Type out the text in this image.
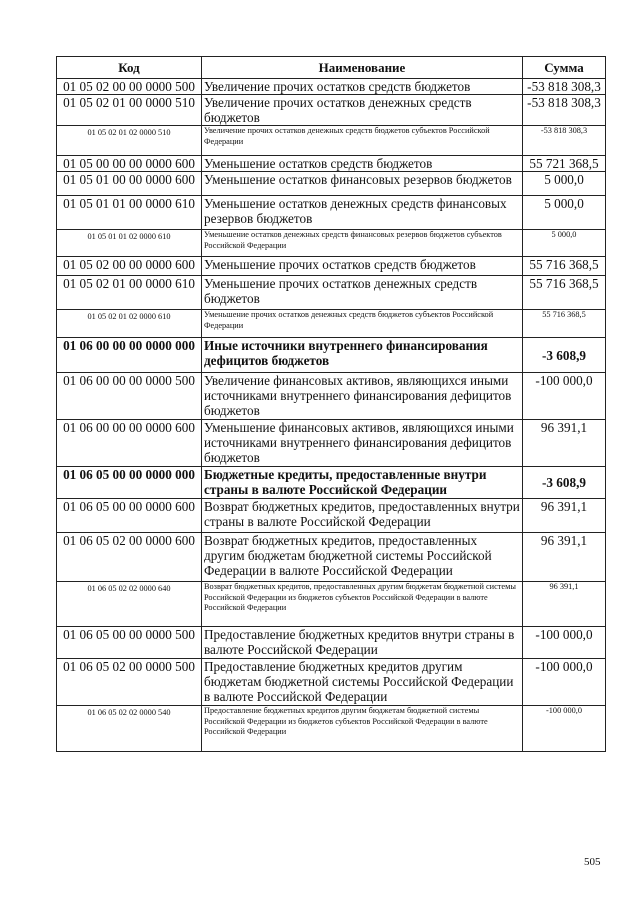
Код	Наименование	Сумма
01 05 02 00 00 0000 500	Увеличение прочих остатков средств бюджетов	-53 818 308,3
01 05 02 01 00 0000 510	Увеличение прочих остатков денежных средств бюджетов	-53 818 308,3
01 05 02 01 02 0000 510	Увеличение прочих остатков денежных средств бюджетов субъектов Российской Федерации	-53 818 308,3
01 05 00 00 00 0000 600	Уменьшение остатков средств бюджетов	55 721 368,5
01 05 01 00 00 0000 600	Уменьшение остатков финансовых резервов бюджетов	5 000,0
01 05 01 01 00 0000 610	Уменьшение остатков денежных средств финансовых резервов бюджетов	5 000,0
01 05 01 01 02 0000 610	Уменьшение остатков денежных средств финансовых резервов бюджетов субъектов Российской Федерации	5 000,0
01 05 02 00 00 0000 600	Уменьшение прочих остатков средств бюджетов	55 716 368,5
01 05 02 01 00 0000 610	Уменьшение прочих остатков денежных средств бюджетов	55 716 368,5
01 05 02 01 02 0000 610	Уменьшение прочих остатков денежных средств бюджетов субъектов Российской Федерации	55 716 368,5
01 06 00 00 00 0000 000	Иные источники внутреннего финансирования дефицитов бюджетов	-3 608,9
01 06 00 00 00 0000 500	Увеличение финансовых активов, являющихся иными источниками внутреннего финансирования дефицитов бюджетов	-100 000,0
01 06 00 00 00 0000 600	Уменьшение финансовых активов, являющихся иными источниками внутреннего финансирования дефицитов бюджетов	96 391,1
01 06 05 00 00 0000 000	Бюджетные кредиты, предоставленные внутри страны в валюте Российской Федерации	-3 608,9
01 06 05 00 00 0000 600	Возврат бюджетных кредитов, предоставленных внутри страны в валюте Российской Федерации	96 391,1
01 06 05 02 00 0000 600	Возврат бюджетных кредитов, предоставленных другим бюджетам бюджетной системы Российской Федерации в валюте Российской Федерации	96 391,1
01 06 05 02 02 0000 640	Возврат бюджетных кредитов, предоставленных другим бюджетам бюджетной системы Российской Федерации из бюджетов субъектов Российской Федерации в валюте Российской Федерации	96 391,1
01 06 05 00 00 0000 500	Предоставление бюджетных кредитов внутри страны в валюте Российской Федерации	-100 000,0
01 06 05 02 00 0000 500	Предоставление бюджетных кредитов другим бюджетам бюджетной системы Российской Федерации в валюте Российской Федерации	-100 000,0
01 06 05 02 02 0000 540	Предоставление бюджетных кредитов другим бюджетам бюджетной системы Российской Федерации из бюджетов субъектов Российской Федерации в валюте Российской Федерации	-100 000,0
505
